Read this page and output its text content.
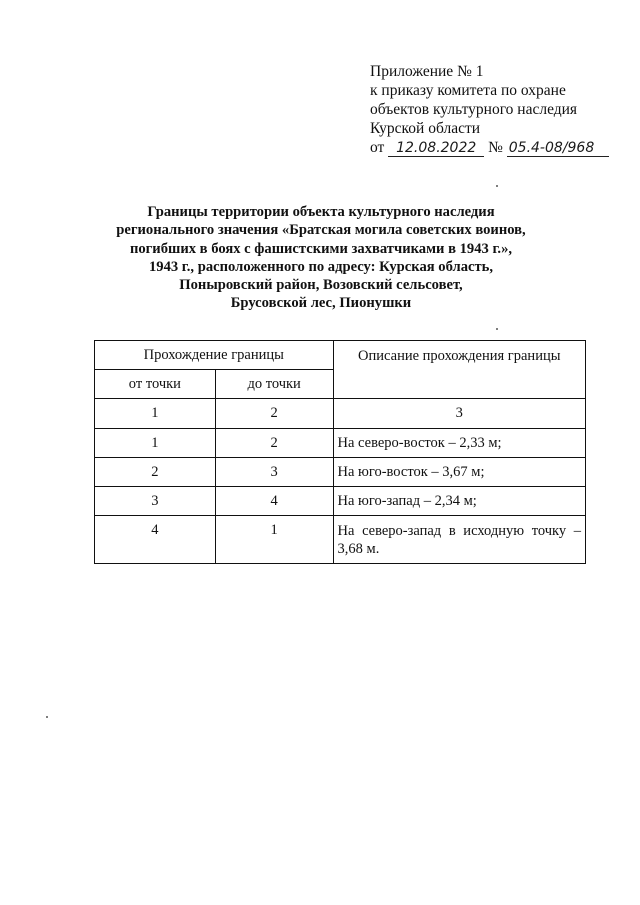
Приложение № 1
к приказу комитета по охране
объектов культурного наследия
Курской области
от 12.08.2022 № 05.4-08/968
Границы территории объекта культурного наследия
регионального значения «Братская могила советских воинов,
погибших в боях с фашистскими захватчиками в 1943 г.»,
1943 г., расположенного по адресу: Курская область,
Поныровский район, Возовский сельсовет,
Брусовской лес, Пионушки
Прохождение границы		Описание прохождения границы
от точки	до точки	
1	2	3
1	2	На северо-восток – 2,33 м;
2	3	На юго-восток – 3,67 м;
3	4	На юго-запад – 2,34 м;
4	1	На северо-запад в исходную точку – 3,68 м.
